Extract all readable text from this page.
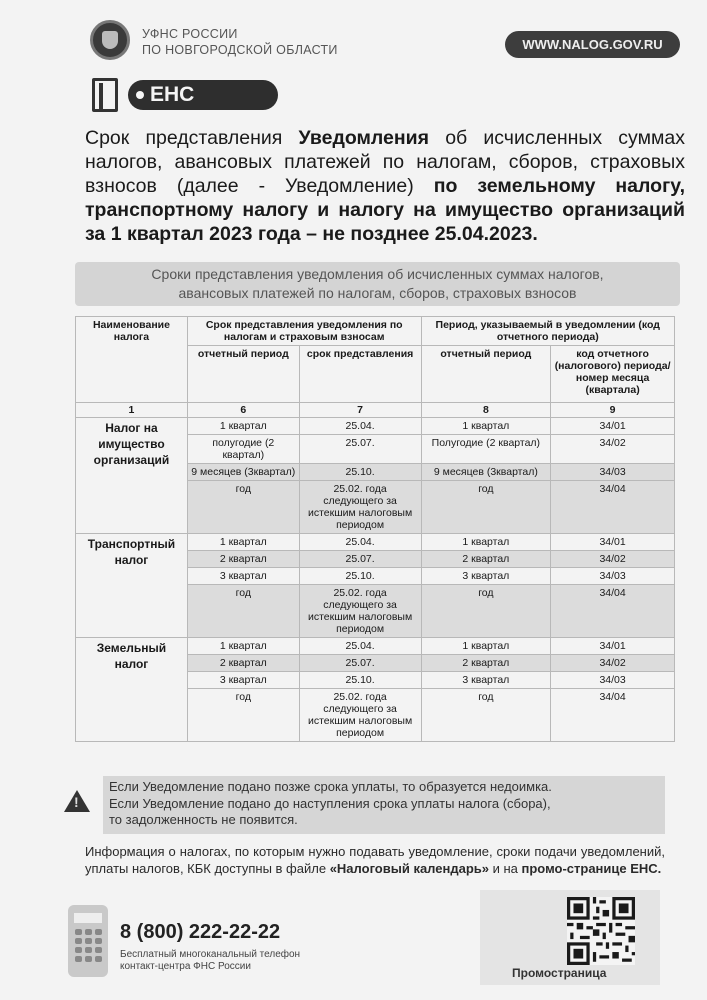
УФНС РОССИИ
ПО НОВГОРОДСКОЙ ОБЛАСТИ	WWW.NALOG.GOV.RU
ЕНС
Срок представления Уведомления об исчисленных суммах налогов, авансовых платежей по налогам, сборов, страховых взносов (далее - Уведомление) по земельному налогу, транспортному налогу и налогу на имущество организаций за 1 квартал 2023 года – не позднее 25.04.2023.
Сроки представления уведомления об исчисленных суммах налогов,
авансовых платежей по налогам, сборов, страховых взносов
Наименование налога	Срок представления уведомления по налогам и страховым взносам		Период, указываемый в уведомлении (код отчетного периода)	
	отчетный период	срок представления	отчетный период	код отчетного (налогового) периода/номер месяца (квартала)
1	6	7	8	9
Налог на имущество организаций	1 квартал	25.04.	1 квартал	34/01
	полугодие (2 квартал)	25.07.	Полугодие (2 квартал)	34/02
	9 месяцев (3квартал)	25.10.	9 месяцев (3квартал)	34/03
	год	25.02. года следующего за истекшим налоговым периодом	год	34/04
Транспортный налог	1 квартал	25.04.	1 квартал	34/01
	2 квартал	25.07.	2 квартал	34/02
	3 квартал	25.10.	3 квартал	34/03
	год	25.02. года следующего за истекшим налоговым периодом	год	34/04
Земельный налог	1 квартал	25.04.	1 квартал	34/01
	2 квартал	25.07.	2 квартал	34/02
	3 квартал	25.10.	3 квартал	34/03
	год	25.02. года следующего за истекшим налоговым периодом	год	34/04
!
Если Уведомление подано позже срока уплаты, то образуется недоимка.
Если Уведомление подано до наступления срока уплаты налога (сбора),
то задолженность не появится.
Информация о налогах, по которым нужно подавать уведомление, сроки подачи уведомлений, уплаты налогов, КБК доступны в файле «Налоговый календарь» и на промо-странице ЕНС.
8 (800) 222-22-22
Бесплатный многоканальный телефон
контакт-центра ФНС России	Промостраница
